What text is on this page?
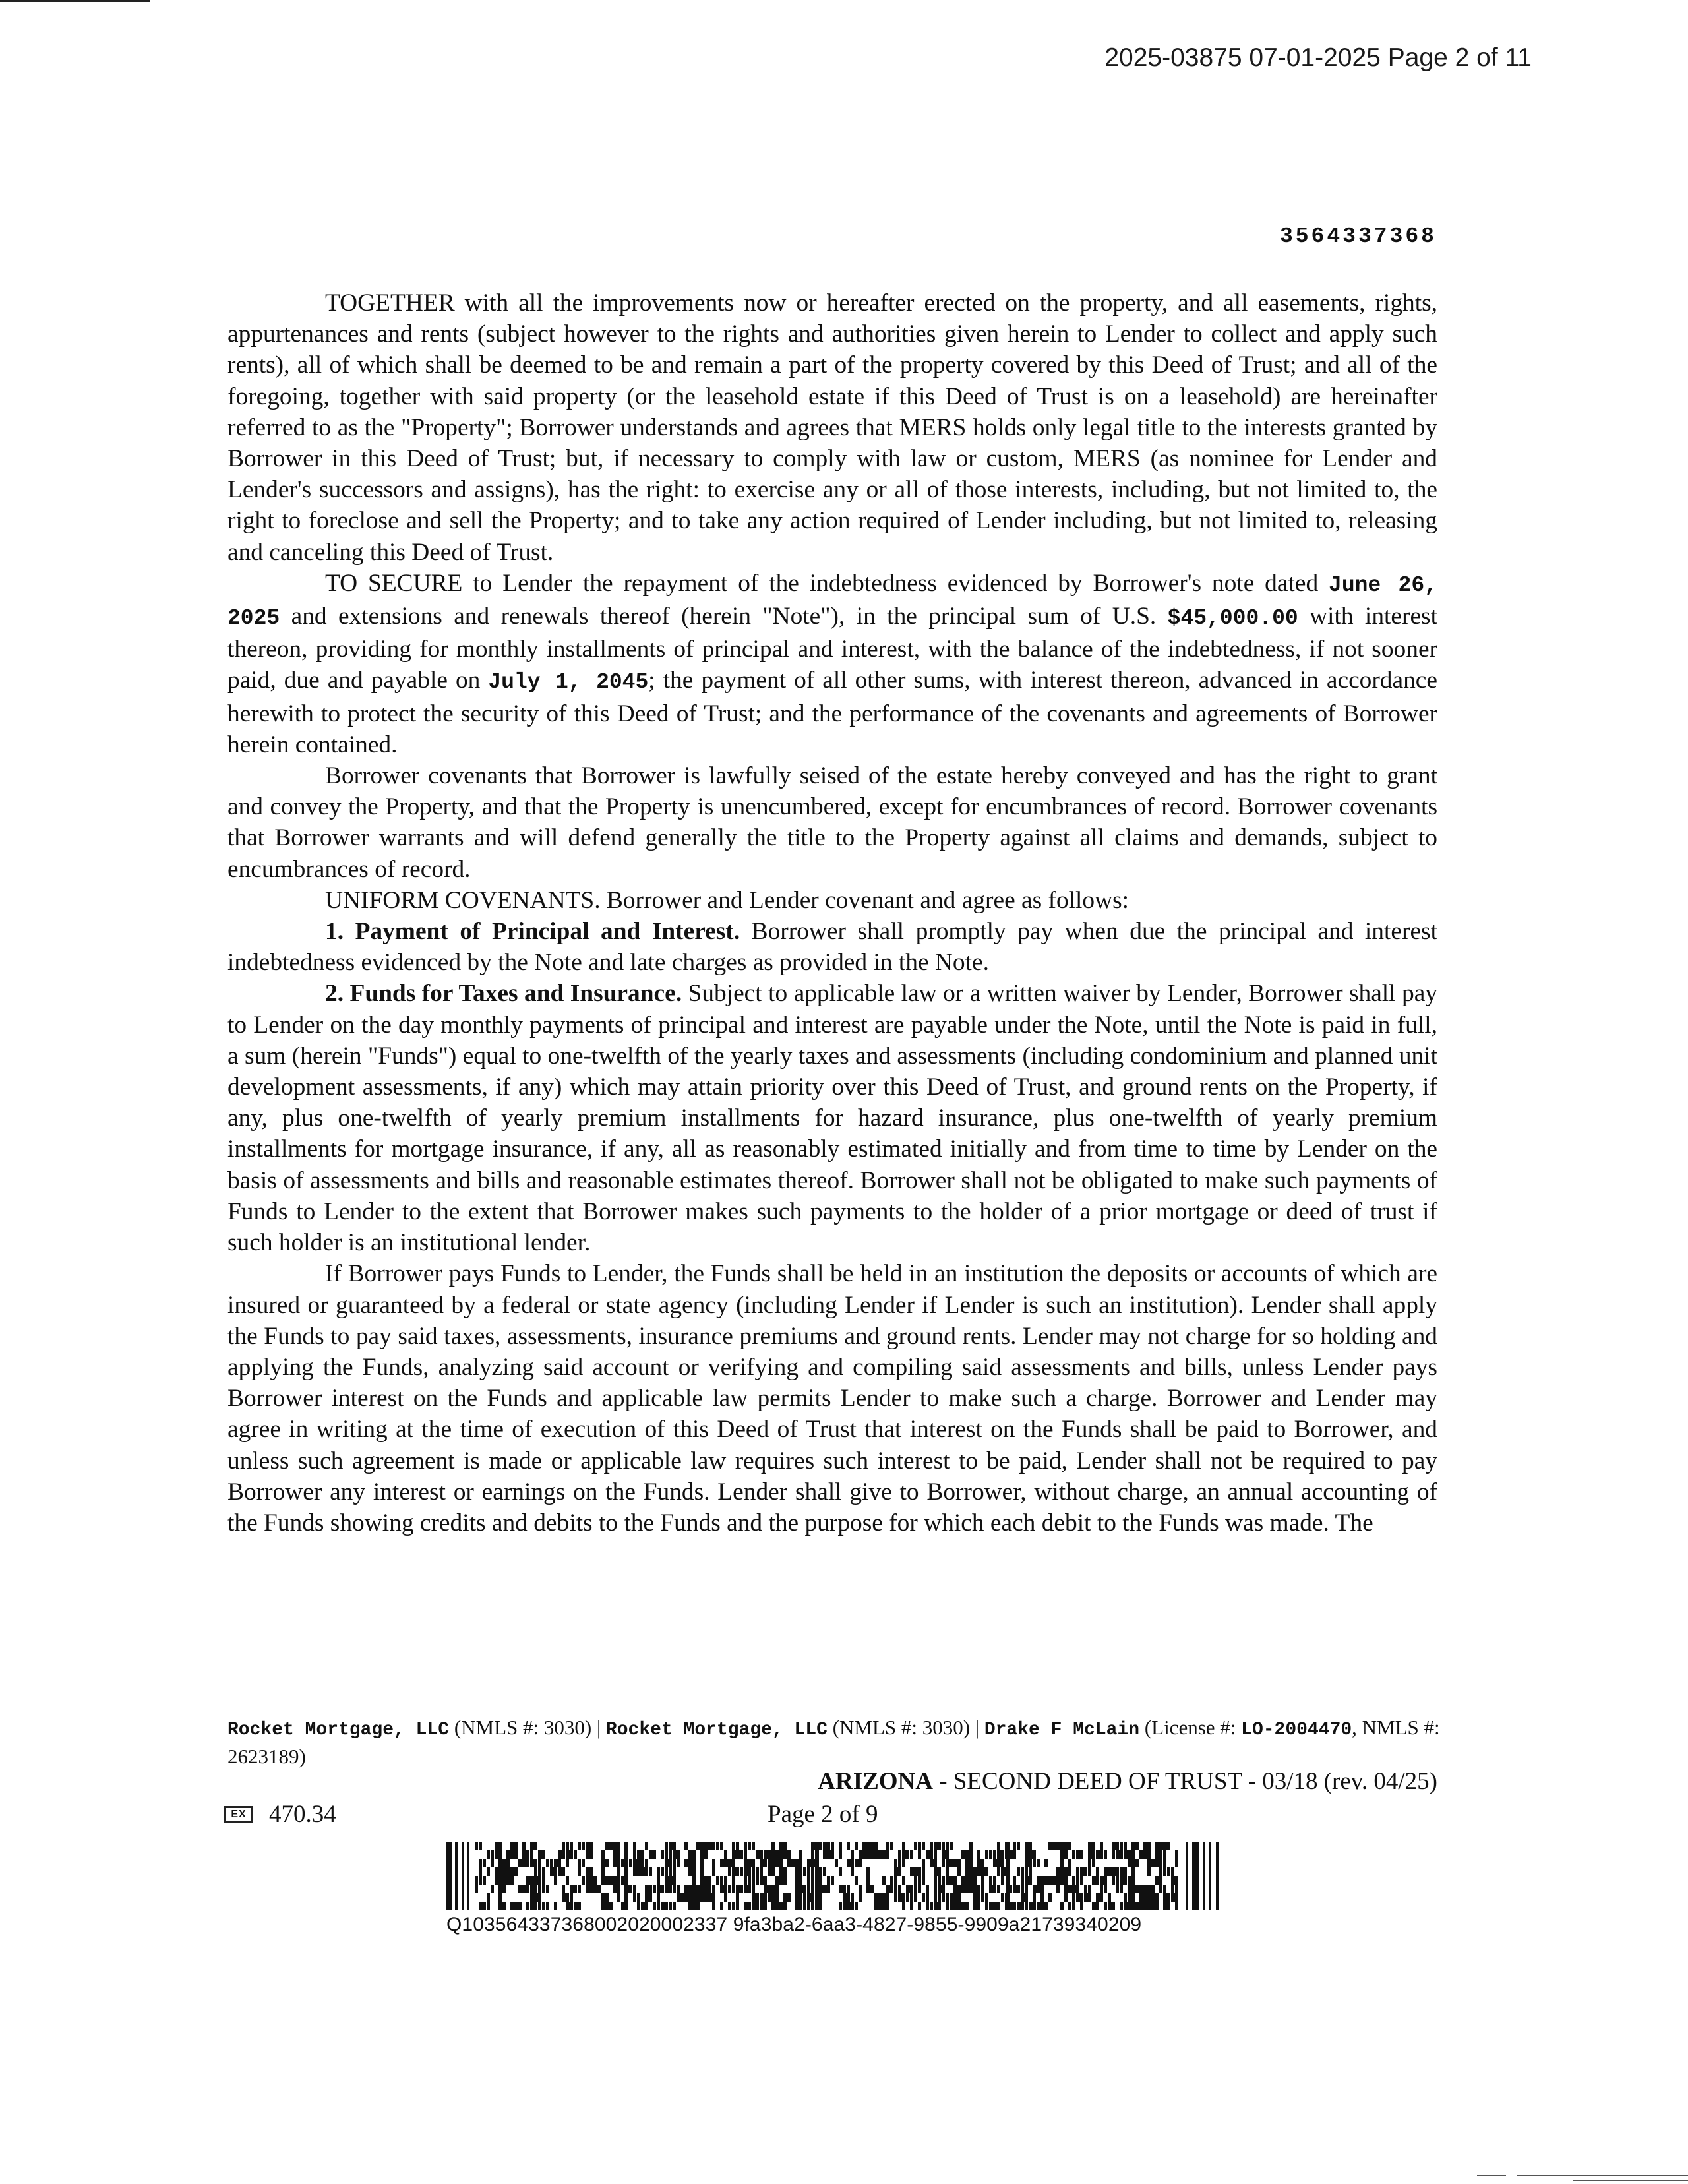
2025-03875 07-01-2025 Page 2 of 11
3564337368

TOGETHER with all the improvements now or hereafter erected on the property, and all easements, rights, appurtenances and rents (subject however to the rights and authorities given herein to Lender to collect and apply such rents), all of which shall be deemed to be and remain a part of the property covered by this Deed of Trust; and all of the foregoing, together with said property (or the leasehold estate if this Deed of Trust is on a leasehold) are hereinafter referred to as the "Property"; Borrower understands and agrees that MERS holds only legal title to the interests granted by Borrower in this Deed of Trust; but, if necessary to comply with law or custom, MERS (as nominee for Lender and Lender's successors and assigns), has the right: to exercise any or all of those interests, including, but not limited to, the right to foreclose and sell the Property; and to take any action required of Lender including, but not limited to, releasing and canceling this Deed of Trust.

TO SECURE to Lender the repayment of the indebtedness evidenced by Borrower's note dated June 26, 2025 and extensions and renewals thereof (herein "Note"), in the principal sum of U.S. $45,000.00 with interest thereon, providing for monthly installments of principal and interest, with the balance of the indebtedness, if not sooner paid, due and payable on July 1, 2045; the payment of all other sums, with interest thereon, advanced in accordance herewith to protect the security of this Deed of Trust; and the performance of the covenants and agreements of Borrower herein contained.

Borrower covenants that Borrower is lawfully seised of the estate hereby conveyed and has the right to grant and convey the Property, and that the Property is unencumbered, except for encumbrances of record. Borrower covenants that Borrower warrants and will defend generally the title to the Property against all claims and demands, subject to encumbrances of record.

UNIFORM COVENANTS. Borrower and Lender covenant and agree as follows:

1. Payment of Principal and Interest. Borrower shall promptly pay when due the principal and interest indebtedness evidenced by the Note and late charges as provided in the Note.

2. Funds for Taxes and Insurance. Subject to applicable law or a written waiver by Lender, Borrower shall pay to Lender on the day monthly payments of principal and interest are payable under the Note, until the Note is paid in full, a sum (herein "Funds") equal to one-twelfth of the yearly taxes and assessments (including condominium and planned unit development assessments, if any) which may attain priority over this Deed of Trust, and ground rents on the Property, if any, plus one-twelfth of yearly premium installments for hazard insurance, plus one-twelfth of yearly premium installments for mortgage insurance, if any, all as reasonably estimated initially and from time to time by Lender on the basis of assessments and bills and reasonable estimates thereof. Borrower shall not be obligated to make such payments of Funds to Lender to the extent that Borrower makes such payments to the holder of a prior mortgage or deed of trust if such holder is an institutional lender.

If Borrower pays Funds to Lender, the Funds shall be held in an institution the deposits or accounts of which are insured or guaranteed by a federal or state agency (including Lender if Lender is such an institution). Lender shall apply the Funds to pay said taxes, assessments, insurance premiums and ground rents. Lender may not charge for so holding and applying the Funds, analyzing said account or verifying and compiling said assessments and bills, unless Lender pays Borrower interest on the Funds and applicable law permits Lender to make such a charge. Borrower and Lender may agree in writing at the time of execution of this Deed of Trust that interest on the Funds shall be paid to Borrower, and unless such agreement is made or applicable law requires such interest to be paid, Lender shall not be required to pay Borrower any interest or earnings on the Funds. Lender shall give to Borrower, without charge, an annual accounting of the Funds showing credits and debits to the Funds and the purpose for which each debit to the Funds was made. The

Rocket Mortgage, LLC (NMLS #: 3030) | Rocket Mortgage, LLC (NMLS #: 3030) | Drake F McLain (License #: LO-2004470, NMLS #: 2623189)
ARIZONA - SECOND DEED OF TRUST - 03/18 (rev. 04/25)
EX 470.34	Page 2 of 9
Q103564337368002020002337 9fa3ba2-6aa3-4827-9855-9909a21739340209
